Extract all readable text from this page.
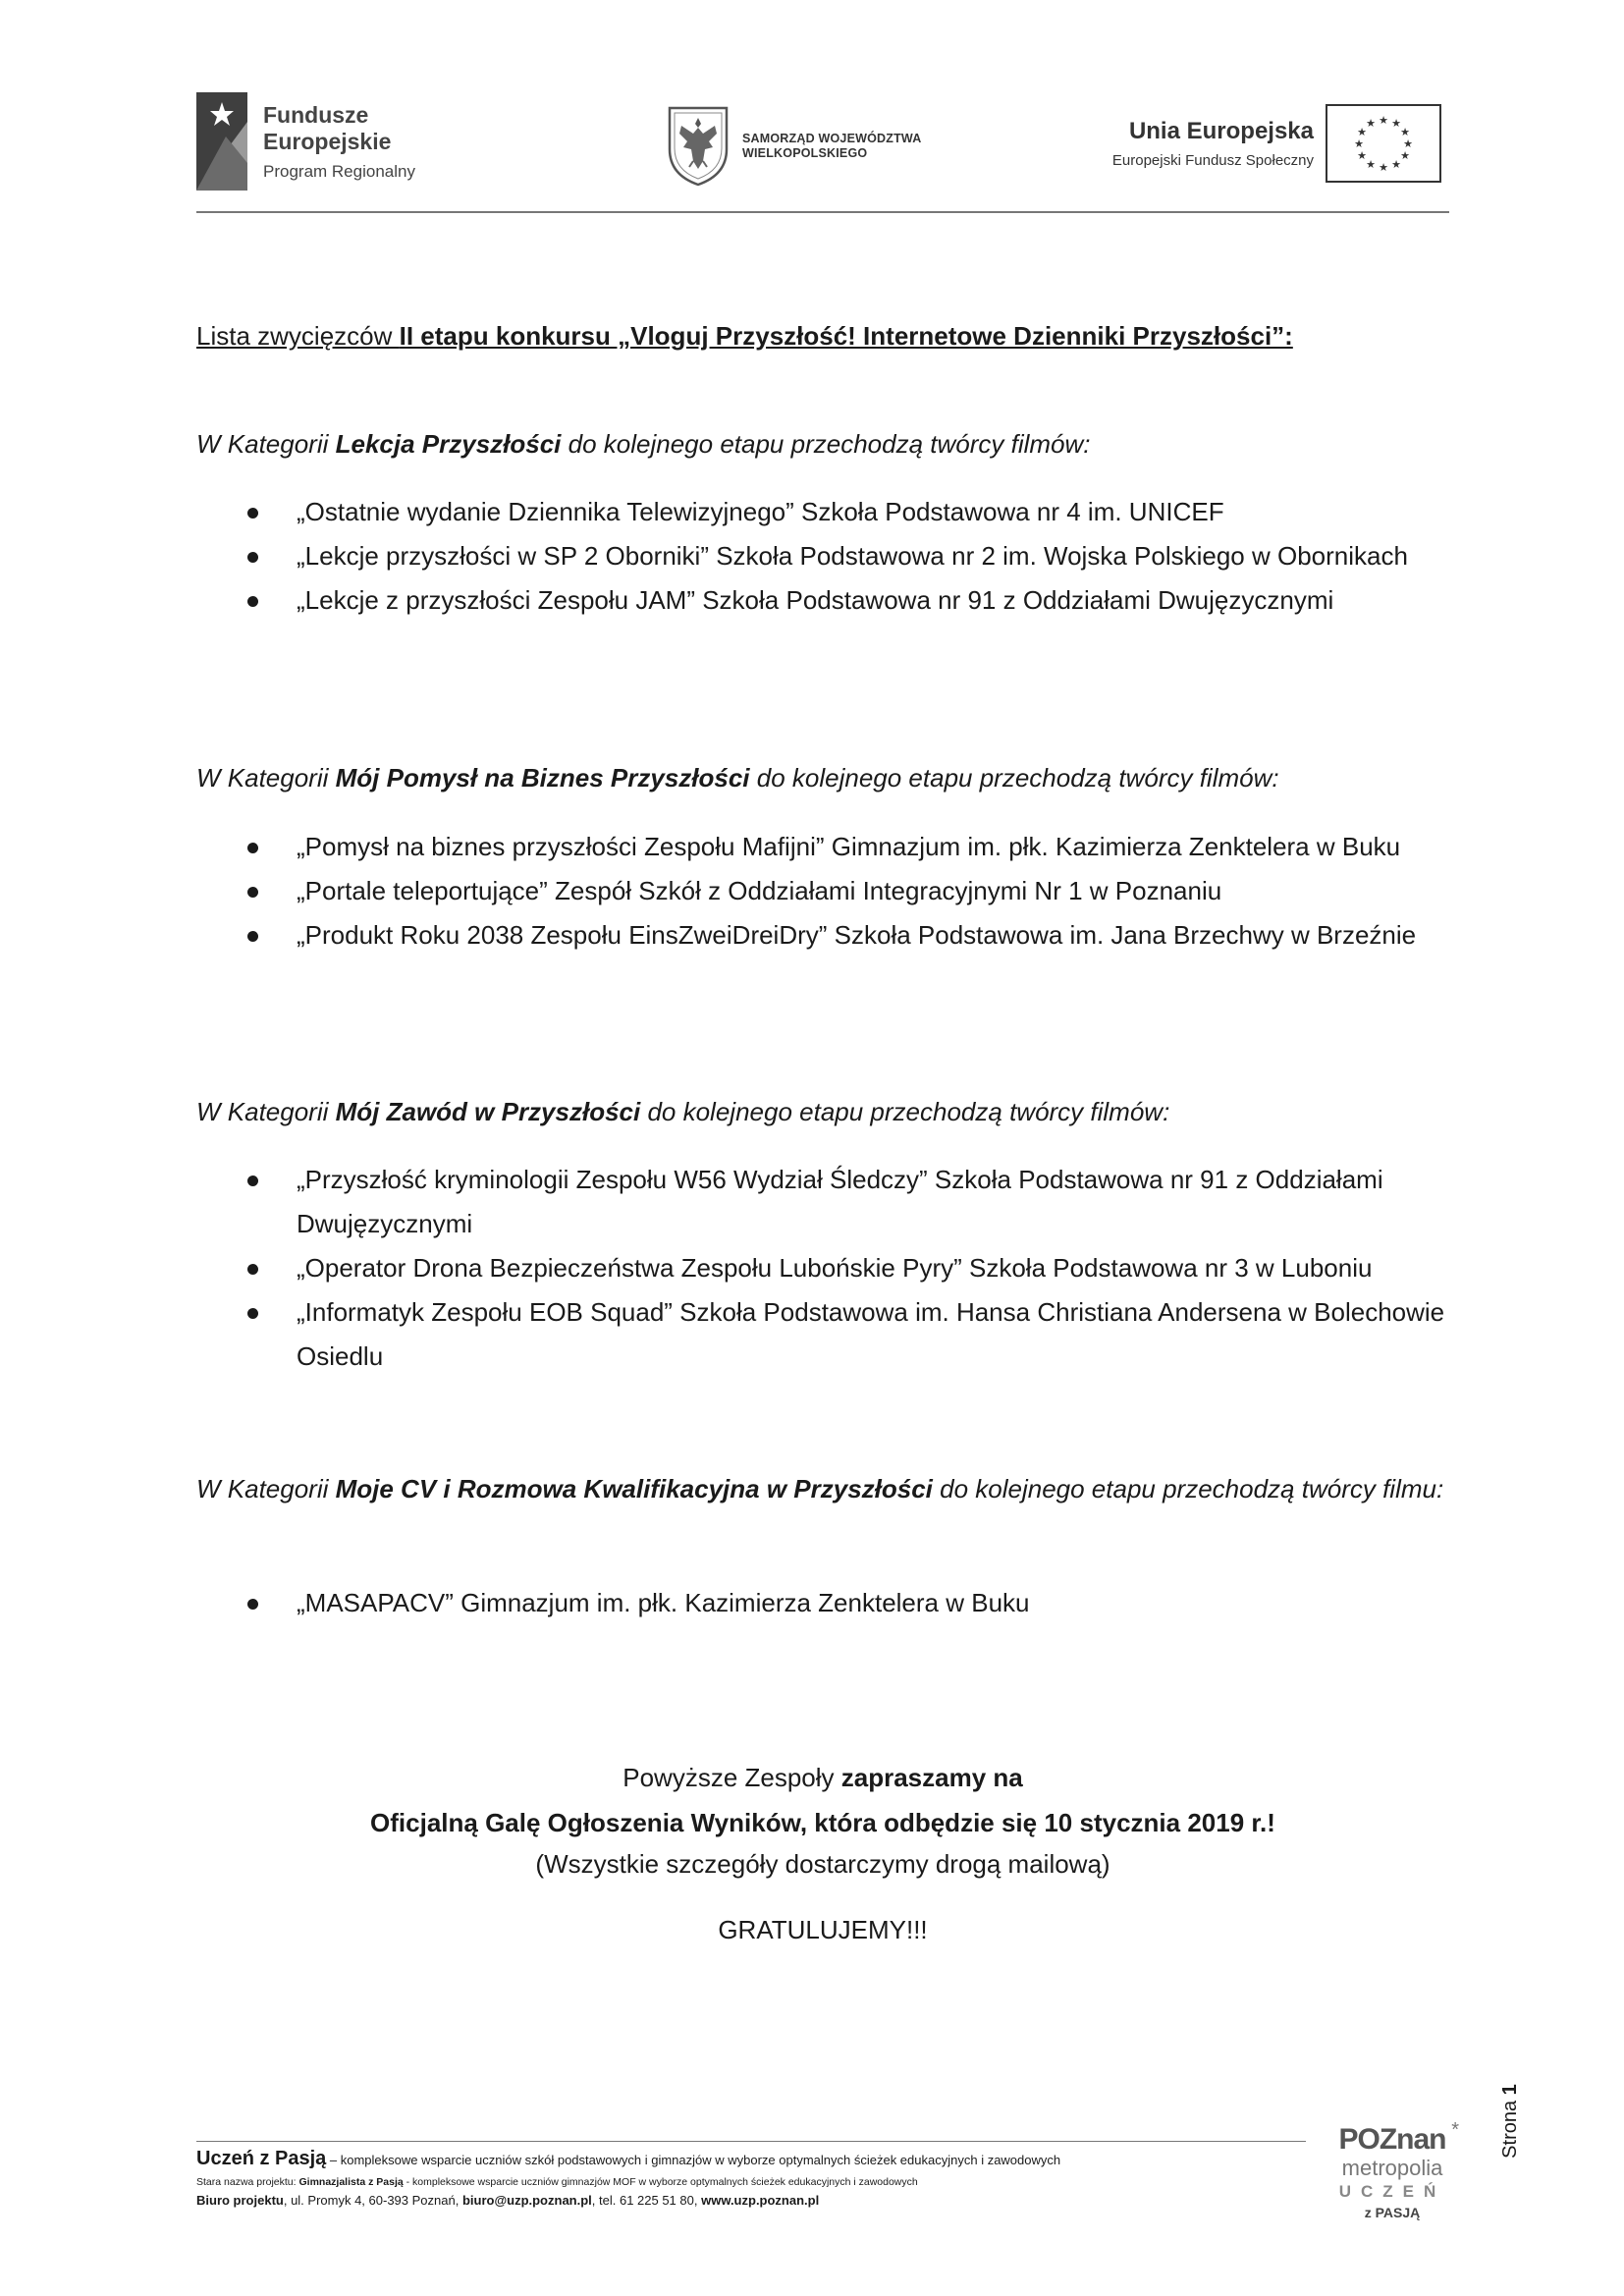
Fundusze
Europejskie
Program Regionalny
SAMORZĄD WOJEWÓDZTWA
WIELKOPOLSKIEGO
Unia Europejska
Europejski Fundusz Społeczny
★ ★
★
★
★
★
★
★
★
★
★
★
Lista zwycięzców II etapu konkursu „Vloguj Przyszłość! Internetowe Dzienniki Przyszłości”:
W Kategorii Lekcja Przyszłości do kolejnego etapu przechodzą twórcy filmów:
„Ostatnie wydanie Dziennika Telewizyjnego” Szkoła Podstawowa nr 4 im. UNICEF
„Lekcje przyszłości w SP 2 Oborniki” Szkoła Podstawowa nr 2 im. Wojska Polskiego w Obornikach
„Lekcje z przyszłości Zespołu JAM” Szkoła Podstawowa nr 91 z Oddziałami Dwujęzycznymi
W Kategorii Mój Pomysł na Biznes Przyszłości do kolejnego etapu przechodzą twórcy filmów:
„Pomysł na biznes przyszłości Zespołu Mafijni” Gimnazjum im. płk. Kazimierza Zenktelera w Buku
„Portale teleportujące” Zespół Szkół z Oddziałami Integracyjnymi Nr 1 w Poznaniu
„Produkt Roku 2038 Zespołu EinsZweiDreiDry” Szkoła Podstawowa im. Jana Brzechwy w Brzeźnie
W Kategorii Mój Zawód w Przyszłości do kolejnego etapu przechodzą twórcy filmów:
„Przyszłość kryminologii Zespołu W56 Wydział Śledczy” Szkoła Podstawowa nr 91 z Oddziałami Dwujęzycznymi
„Operator Drona Bezpieczeństwa Zespołu Lubońskie Pyry” Szkoła Podstawowa nr 3 w Luboniu
„Informatyk Zespołu EOB Squad” Szkoła Podstawowa im. Hansa Christiana Andersena w Bolechowie Osiedlu
W Kategorii Moje CV i Rozmowa Kwalifikacyjna w Przyszłości do kolejnego etapu przechodzą twórcy filmu:
„MASAPACV” Gimnazjum im. płk. Kazimierza Zenktelera w Buku
Powyższe Zespoły zapraszamy na
Oficjalną Galę Ogłoszenia Wyników, która odbędzie się 10 stycznia 2019 r.!
(Wszystkie szczegóły dostarczymy drogą mailową)
GRATULUJEMY!!!
Uczeń z Pasją – kompleksowe wsparcie uczniów szkół podstawowych i gimnazjów w wyborze optymalnych ścieżek edukacyjnych i zawodowych
Stara nazwa projektu: Gimnazjalista z Pasją - kompleksowe wsparcie uczniów gimnazjów MOF w wyborze optymalnych ścieżek edukacyjnych i zawodowych
Biuro projektu, ul. Promyk 4, 60-393 Poznań, biuro@uzp.poznan.pl, tel. 61 225 51 80, www.uzp.poznan.pl
*
POZnan
metropolia
UCZEŃ
z PASJĄ
Strona 1
